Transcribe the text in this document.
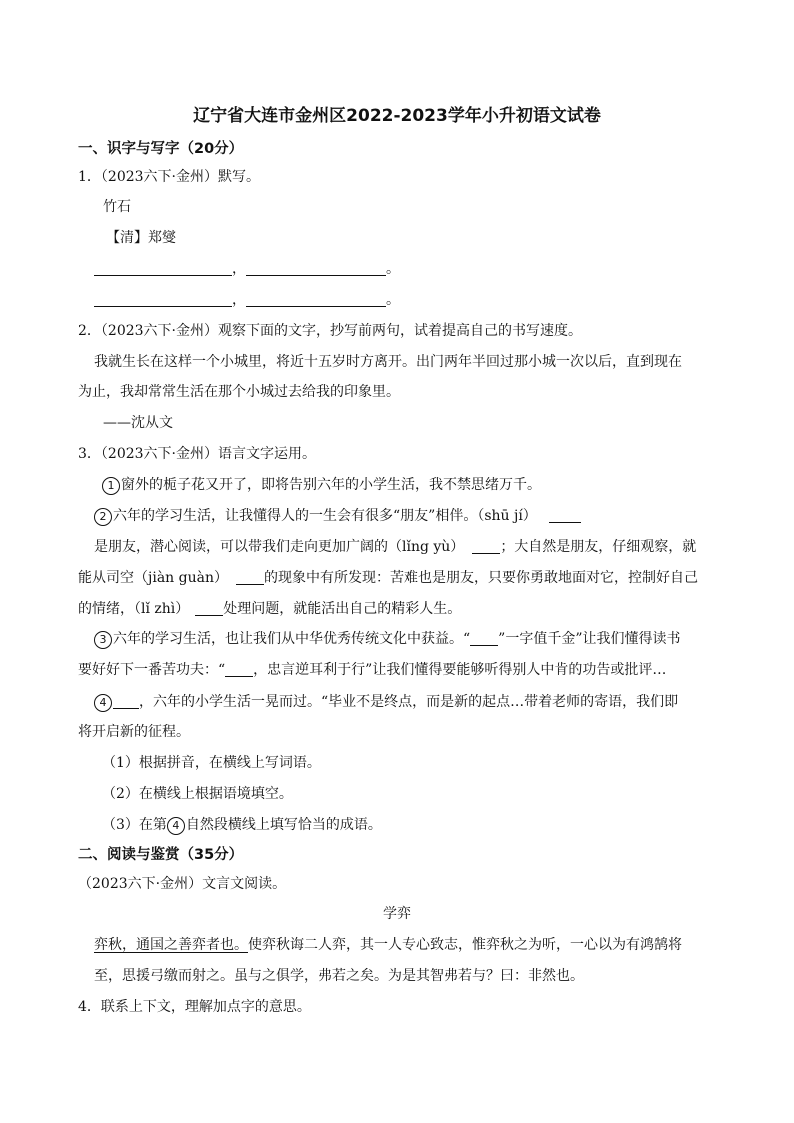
辽宁省大连市金州区2022-2023学年小升初语文试卷
一、识字与写字（20分）
1．（2023六下·金州）默写。
竹石
【清】郑燮
，	。
，	。
2．（2023六下·金州）观察下面的文字，抄写前两句，试着提高自己的书写速度。
我就生长在这样一个小城里，将近十五岁时方离开。出门两年半回过那小城一次以后，直到现在
为止，我却常常生活在那个小城过去给我的印象里。
——沈从文
3．（2023六下·金州）语言文字运用。
1 窗外的栀子花又开了，即将告别六年的小学生活，我不禁思绪万千。
2 六年的学习生活，让我懂得人的一生会有很多“朋友”相伴。（shū jí）
是朋友，潜心阅读，可以带我们走向更加广阔的（lǐng yù）	；大自然是朋友，仔细观察，就
能从司空（jiàn guàn）	的现象中有所发现：苦难也是朋友，只要你勇敢地面对它，控制好自己
的情绪，（lǐ zhì） 处理问题，就能活出自己的精彩人生。
3 六年的学习生活，也让我们从中华优秀传统文化中获益。“ ”一字值千金”让我们懂得读书
要好好下一番苦功夫：“ ，忠言逆耳利于行”让我们懂得要能够听得别人中肯的功告或批评…
4 ，六年的小学生活一晃而过。“毕业不是终点，而是新的起点…带着老师的寄语，我们即
将开启新的征程。
（1）根据拼音，在横线上写词语。
（2）在横线上根据语境填空。
（3）在第 4 自然段横线上填写恰当的成语。
二、阅读与鉴赏（35分）
（2023六下·金州）文言文阅读。
学弈
弈秋，通国之善弈者也。使弈秋诲二人弈，其一人专心致志，惟弈秋之为听，一心以为有鸿鹄将
至，思援弓缴而射之。虽与之俱学，弗若之矣。为是其智弗若与？曰：非然也。
4．联系上下文，理解加点字的意思。
